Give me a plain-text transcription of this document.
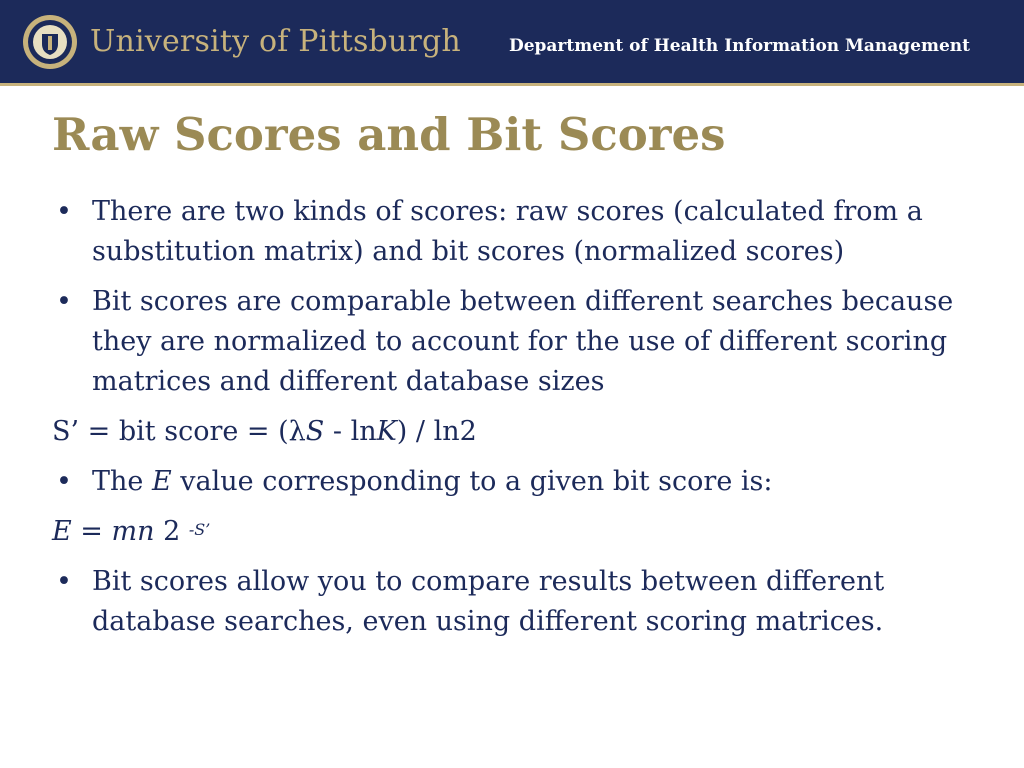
University of Pittsburgh	Department of Health Information Management
Raw Scores and Bit Scores
• There are two kinds of scores: raw scores (calculated from a substitution matrix) and bit scores (normalized scores)
• Bit scores are comparable between different searches because they are normalized to account for the use of different scoring matrices and different database sizes
S’ = bit score = (λS - lnK) / ln2
• The E value corresponding to a given bit score is:
E = mn 2 $^{-S’}$
• Bit scores allow you to compare results between different database searches, even using different scoring matrices.
